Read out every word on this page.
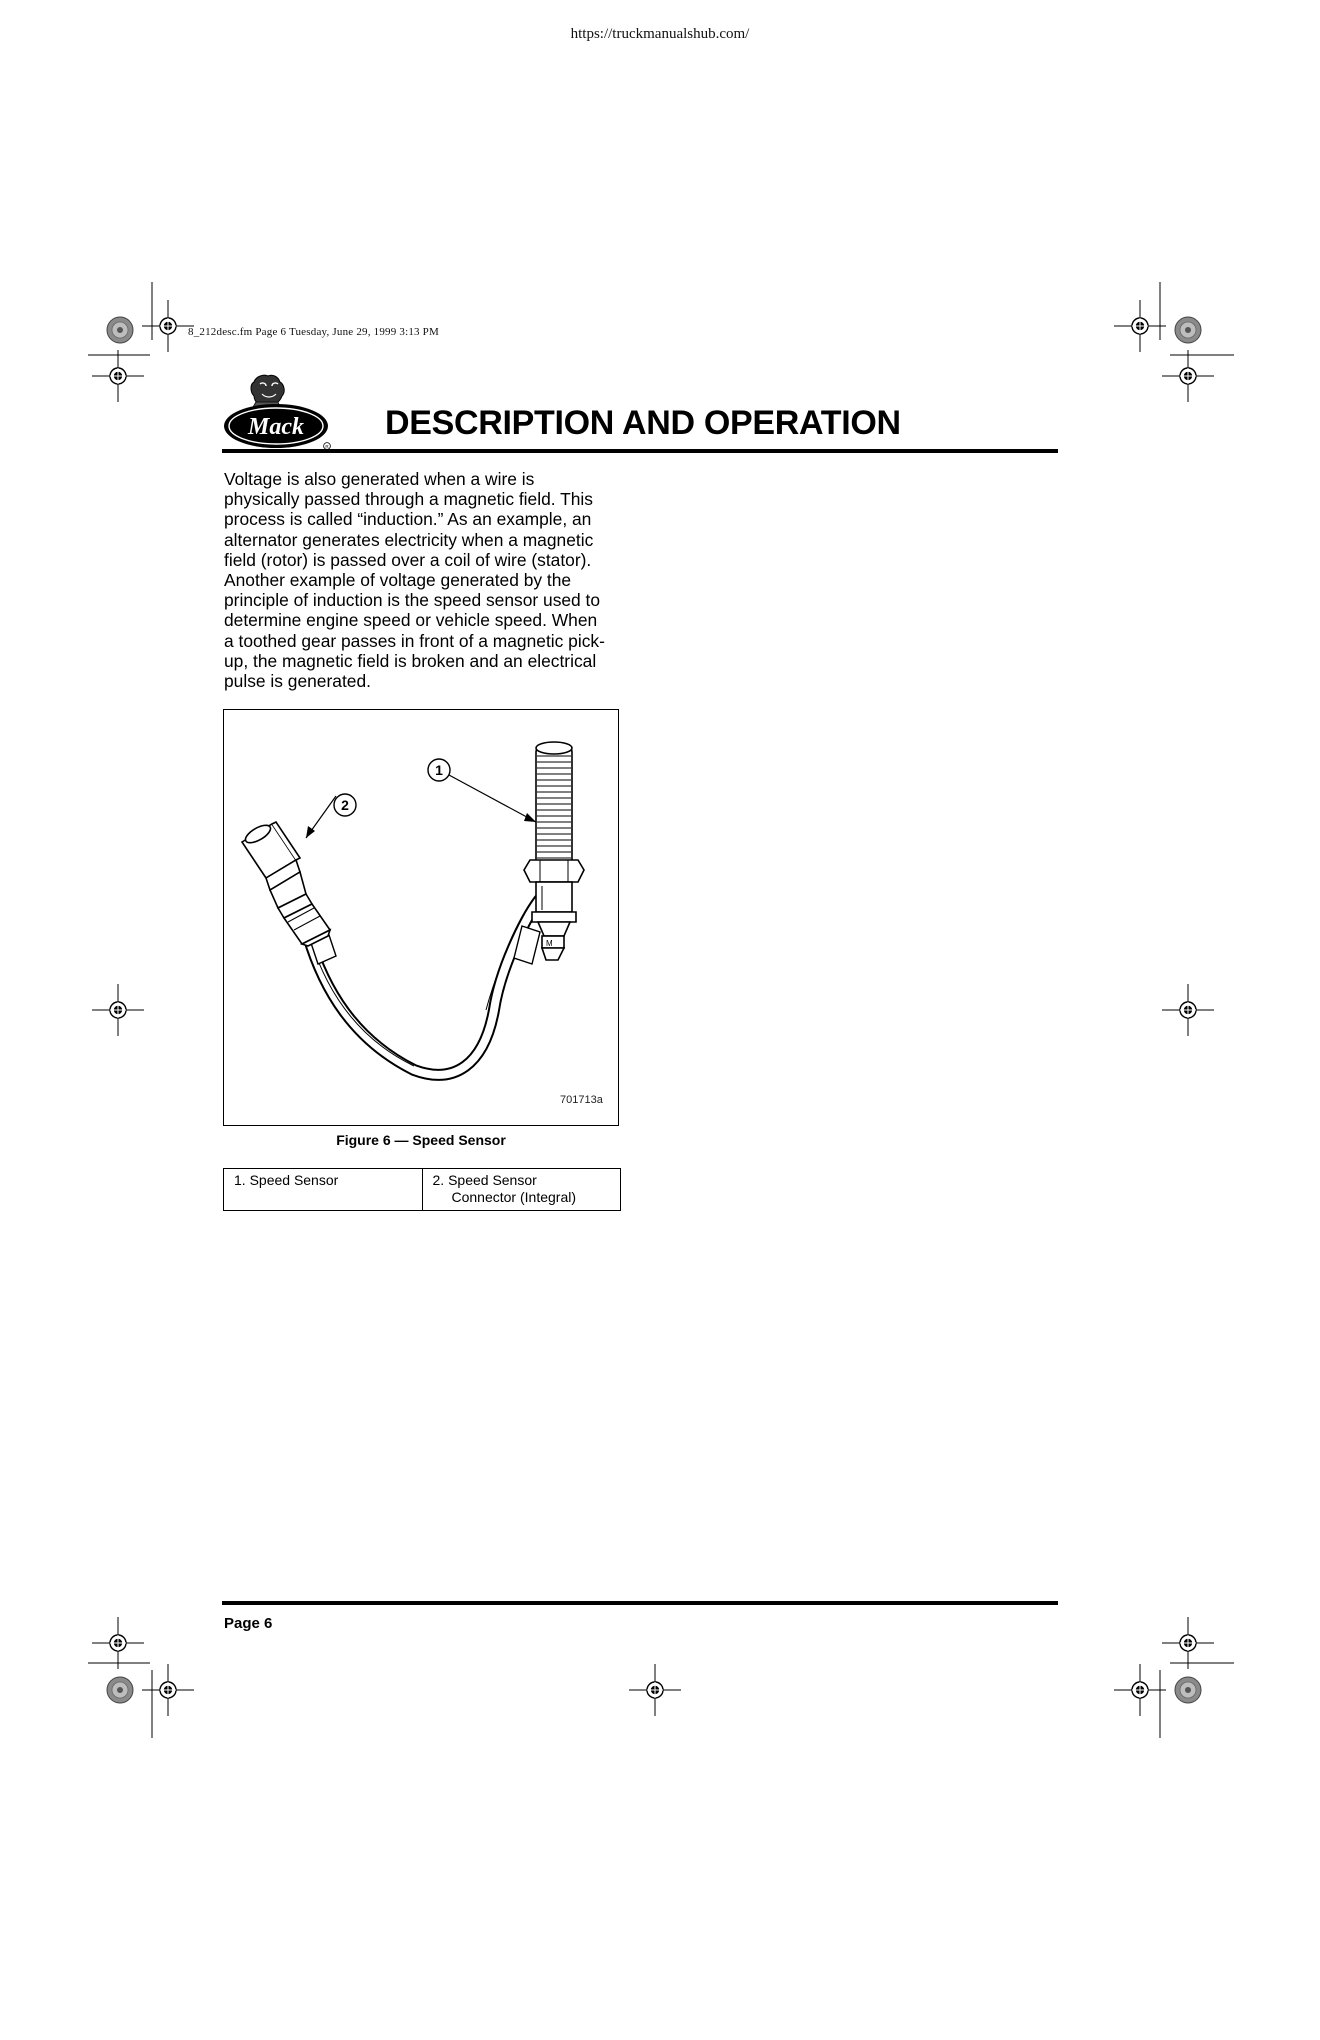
https://truckmanualshub.com/
8_212desc.fm Page 6 Tuesday, June 29, 1999 3:13 PM
Mack
R
DESCRIPTION AND OPERATION
Voltage is also generated when a wire is
physically passed through a magnetic field. This
process is called “induction.” As an example, an
alternator generates electricity when a magnetic
field (rotor) is passed over a coil of wire (stator).
Another example of voltage generated by the
principle of induction is the speed sensor used to
determine engine speed or vehicle speed. When
a toothed gear passes in front of a magnetic pick-
up, the magnetic field is broken and an electrical
pulse is generated.
M
1
2
701713a
Figure 6 — Speed Sensor
1. Speed Sensor	2. Speed Sensor
Connector (Integral)
Page 6
